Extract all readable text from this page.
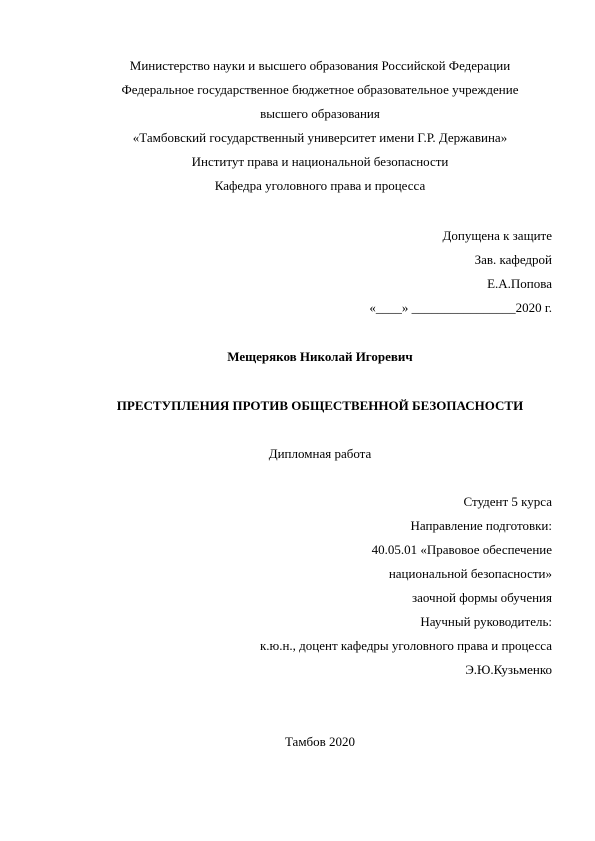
Министерство науки и высшего образования Российской Федерации
Федеральное государственное бюджетное образовательное учреждение
высшего образования
«Тамбовский государственный университет имени Г.Р. Державина»
Институт права и национальной безопасности
Кафедра уголовного права и процесса
Допущена к защите
Зав. кафедрой
Е.А.Попова
«____» ________________2020 г.
Мещеряков Николай Игоревич
ПРЕСТУПЛЕНИЯ ПРОТИВ ОБЩЕСТВЕННОЙ БЕЗОПАСНОСТИ
Дипломная работа
Студент 5 курса
Направление подготовки:
40.05.01 «Правовое обеспечение
национальной безопасности»
заочной формы обучения
Научный руководитель:
к.ю.н., доцент кафедры уголовного права и процесса
Э.Ю.Кузьменко
Тамбов 2020
